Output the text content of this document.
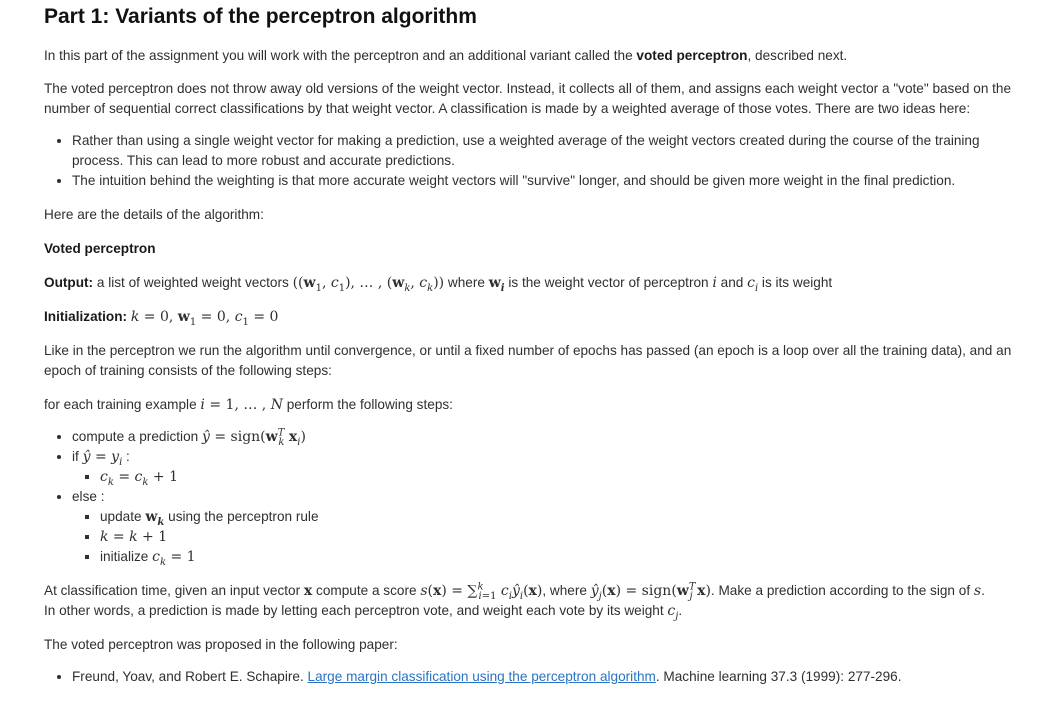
Part 1: Variants of the perceptron algorithm

In this part of the assignment you will work with the perceptron and an additional variant called the voted perceptron, described next.

The voted perceptron does not throw away old versions of the weight vector. Instead, it collects all of them, and assigns each weight vector a "vote" based on the number of sequential correct classifications by that weight vector. A classification is made by a weighted average of those votes. There are two ideas here:

• Rather than using a single weight vector for making a prediction, use a weighted average of the weight vectors created during the course of the training process. This can lead to more robust and accurate predictions.
• The intuition behind the weighting is that more accurate weight vectors will "survive" longer, and should be given more weight in the final prediction.

Here are the details of the algorithm:

Voted perceptron

Output: a list of weighted weight vectors (($w_1$, $c_1$), … , ($w_k$, $c_k$)) where $w_i$ is the weight vector of perceptron i and $c_i$ is its weight

Initialization: k = 0, $w_1 = 0$, $c_1 = 0$

Like in the perceptron we run the algorithm until convergence, or until a fixed number of epochs has passed (an epoch is a loop over all the training data), and an epoch of training consists of the following steps:

for each training example i = 1, … , N perform the following steps:

• compute a prediction ŷ = $sign(w^T_k$ $x_i$)
• if ŷ = $y_i$ :
▪ $c_k = c_k + 1$
• else :
▪ update $w_k$ using the perceptron rule
▪ k = k + 1
▪ initialize $c_k = 1$

At classification time, given an input vector x compute a score s(x) = ∑$^k_{i=1}$ $c_iŷ_i(x)$, where $ŷ_j(x)$ = $sign(w^T_j$ x). Make a prediction according to the sign of s.
In other words, a prediction is made by letting each perceptron vote, and weight each vote by its weight $c_j$.

The voted perceptron was proposed in the following paper:

• Freund, Yoav, and Robert E. Schapire. Large margin classification using the perceptron algorithm. Machine learning 37.3 (1999): 277-296.
